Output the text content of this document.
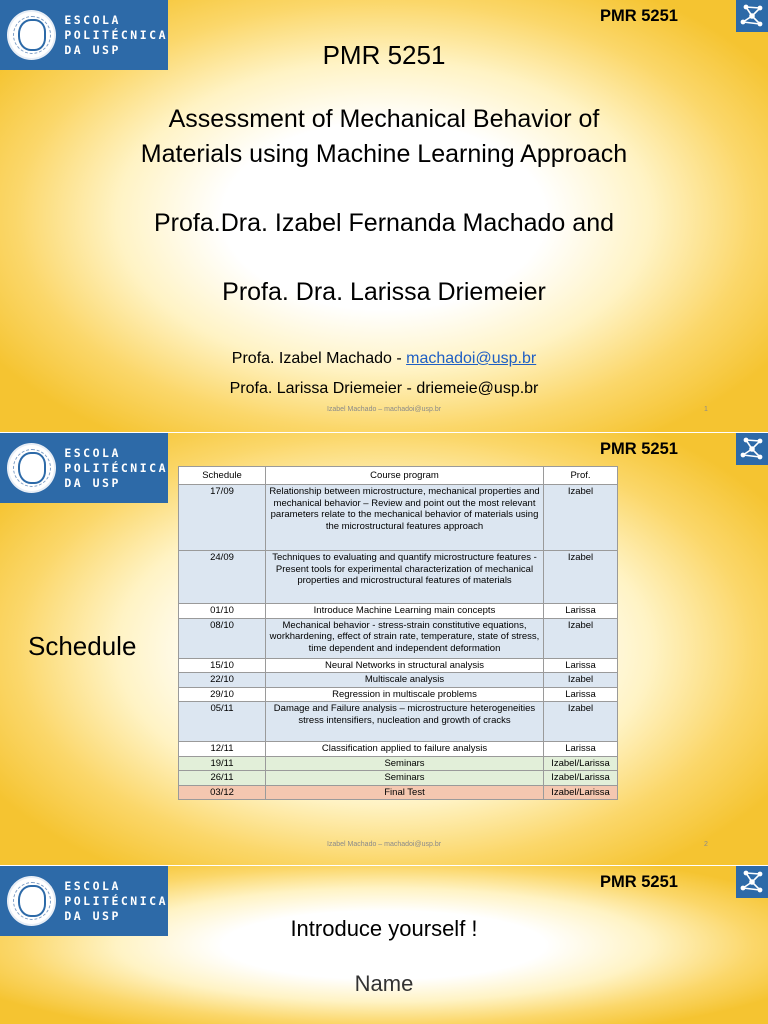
ESCOLA
POLITÉCNICA
DA USP
PMR 5251
PMR 5251
Assessment of Mechanical Behavior of
Materials using Machine Learning Approach
Profa.Dra. Izabel Fernanda Machado and
Profa. Dra. Larissa Driemeier
Profa. Izabel Machado - machadoi@usp.br
Profa. Larissa Driemeier - driemeie@usp.br
Izabel Machado – machadoi@usp.br	1
ESCOLA
POLITÉCNICA
DA USP
PMR 5251
Schedule
Schedule	Course program	Prof.
17/09	Relationship between microstructure, mechanical properties and mechanical behavior – Review and point out the most relevant parameters relate to the mechanical behavior of materials using the microstructural features approach	Izabel
24/09	Techniques to evaluating and quantify microstructure features - Present tools for experimental characterization of mechanical properties and microstructural features of materials	Izabel
01/10	Introduce Machine Learning main concepts	Larissa
08/10	Mechanical behavior - stress-strain constitutive equations, workhardening, effect of strain rate, temperature, state of stress, time dependent and independent deformation	Izabel
15/10	Neural Networks in structural analysis	Larissa
22/10	Multiscale analysis	Izabel
29/10	Regression in multiscale problems	Larissa
05/11	Damage and Failure analysis – microstructure heterogeneities stress intensifiers, nucleation and growth of cracks	Izabel
12/11	Classification applied to failure analysis	Larissa
19/11	Seminars	Izabel/Larissa
26/11	Seminars	Izabel/Larissa
03/12	Final Test	Izabel/Larissa
Izabel Machado – machadoi@usp.br	2
ESCOLA
POLITÉCNICA
DA USP
PMR 5251
Introduce yourself !
Name
